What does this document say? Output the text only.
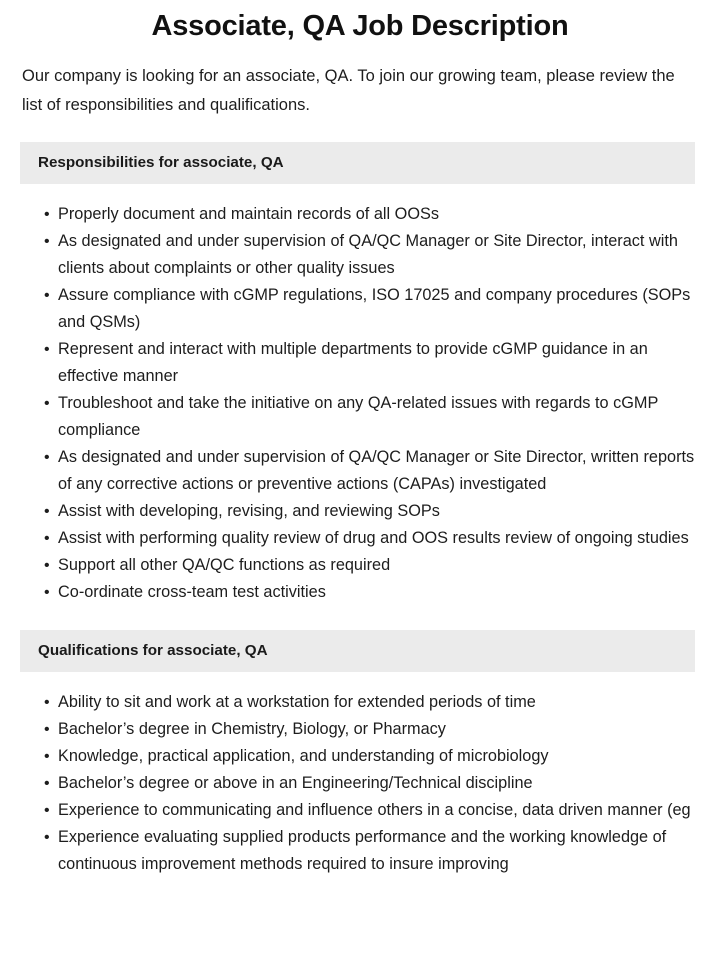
Associate, QA Job Description

Our company is looking for an associate, QA. To join our growing team, please review the list of responsibilities and qualifications.

Responsibilities for associate, QA
• Properly document and maintain records of all OOSs
• As designated and under supervision of QA/QC Manager or Site Director, interact with clients about complaints or other quality issues
• Assure compliance with cGMP regulations, ISO 17025 and company procedures (SOPs and QSMs)
• Represent and interact with multiple departments to provide cGMP guidance in an effective manner
• Troubleshoot and take the initiative on any QA-related issues with regards to cGMP compliance
• As designated and under supervision of QA/QC Manager or Site Director, written reports of any corrective actions or preventive actions (CAPAs) investigated
• Assist with developing, revising, and reviewing SOPs
• Assist with performing quality review of drug and OOS results review of ongoing studies
• Support all other QA/QC functions as required
• Co-ordinate cross-team test activities
Qualifications for associate, QA
• Ability to sit and work at a workstation for extended periods of time
• Bachelor’s degree in Chemistry, Biology, or Pharmacy
• Knowledge, practical application, and understanding of microbiology
• Bachelor’s degree or above in an Engineering/Technical discipline
• Experience to communicating and influence others in a concise, data driven manner (eg
• Experience evaluating supplied products performance and the working knowledge of continuous improvement methods required to insure improving
